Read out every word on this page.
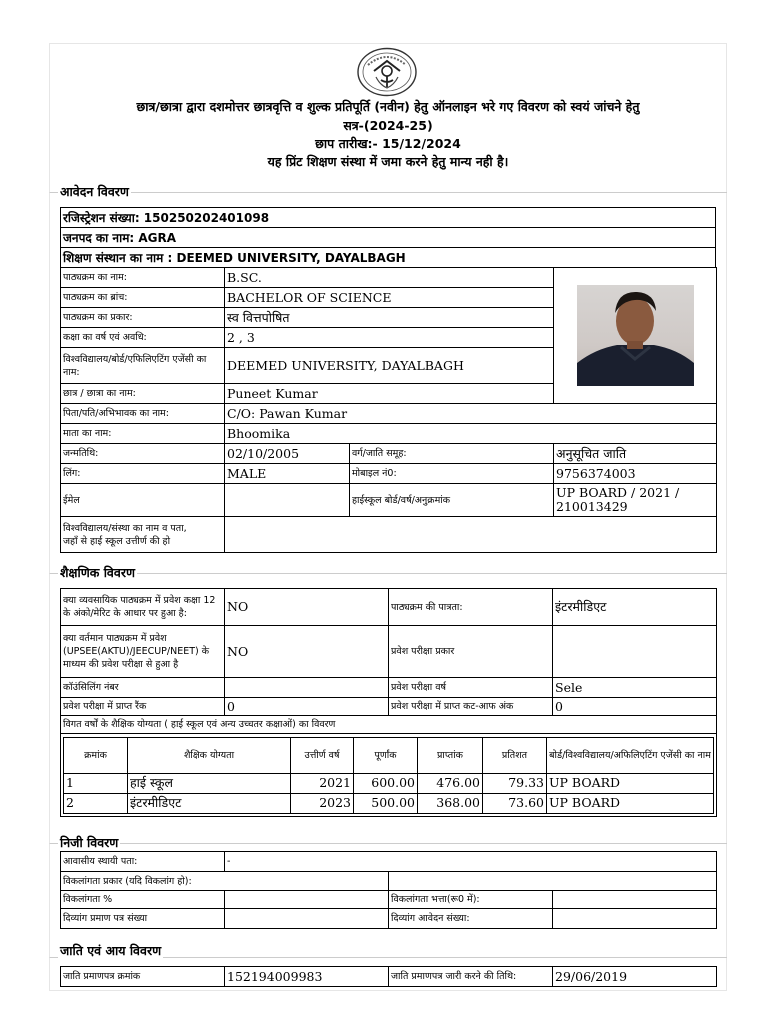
छात्र/छात्रा द्वारा दशमोत्तर छात्रवृत्ति व शुल्क प्रतिपूर्ति (नवीन) हेतु ऑनलाइन भरे गए विवरण को स्वयं जांचने हेतु
सत्र-(2024-25)
छाप तारीख:- 15/12/2024
यह प्रिंट शिक्षण संस्था में जमा करने हेतु मान्य नही है।
आवेदन विवरण
रजिस्ट्रेशन संख्या: 150250202401098
जनपद का नाम: AGRA
शिक्षण संस्थान का नाम : DEEMED UNIVERSITY, DAYALBAGH
पाठ्यक्रम का नाम:	B.SC.	

पाठ्यक्रम का ब्रांच:	BACHELOR OF SCIENCE		
पाठ्यक्रम का प्रकार:	स्व वित्तपोषित		
कक्षा का वर्ष एवं अवधि:	2 , 3		
विश्वविद्यालय/बोर्ड/एफिलिएटिंग एजेंसी का नाम:	DEEMED UNIVERSITY, DAYALBAGH		
छात्र / छात्रा का नाम:	Puneet Kumar		
पिता/पति/अभिभावक का नाम:	C/O: Pawan Kumar		
माता का नाम:	Bhoomika		
जन्मतिथि:	02/10/2005	वर्ग/जाति समूह:	अनुसूचित जाति
लिंग:	MALE	मोबाइल नं0:	9756374003
ईमेल		हाईस्कूल बोर्ड/वर्ष/अनुक्रमांक	UP BOARD / 2021 /
210013429

विश्वविद्यालय/संस्था का नाम व पता,
जहाँ से हाई स्कूल उत्तीर्ण की हो			

शैक्षणिक विवरण
क्या व्यवसायिक पाठ्यक्रम में प्रवेश कक्षा 12 के अंको/मेरिट के आधार पर हुआ है:	NO	पाठ्यक्रम की पात्रता:	इंटरमीडिएट
क्या वर्तमान पाठ्यक्रम में प्रवेश (UPSEE(AKTU)/JEECUP/NEET) के माध्यम की प्रवेश परीक्षा से हुआ है	NO	प्रवेश परीक्षा प्रकार	
कॉउंसिलिंग नंबर		प्रवेश परीक्षा वर्ष	Sele
प्रवेश परीक्षा में प्राप्त रैंक	0	प्रवेश परीक्षा में प्राप्त कट-आफ अंक	0
विगत वर्षों के शैक्षिक योग्यता ( हाई स्कूल एवं अन्य उच्चतर कक्षाओं) का विवरण

क्रमांक	शैक्षिक योग्यता	उत्तीर्ण वर्ष	पूर्णांक	प्राप्तांक	प्रतिशत	बोर्ड/विश्वविद्यालय/अफिलिएटिंग एजेंसी का नाम
1	हाई स्कूल	2021	600.00	476.00	79.33	UP BOARD
2	इंटरमीडिएट	2023	500.00	368.00	73.60	UP BOARD
निजी विवरण
आवासीय स्थायी पता:	-		
विकलांगता प्रकार (यदि विकलांग हो):			
विकलांगता %		विकलांगता भत्ता(रू0 में):	
दिव्यांग प्रमाण पत्र संख्या		दिव्यांग आवेदन संख्या:	
जाति एवं आय विवरण
जाति प्रमाणपत्र क्रमांक	152194009983	जाति प्रमाणपत्र जारी करने की तिथि:	29/06/2019
